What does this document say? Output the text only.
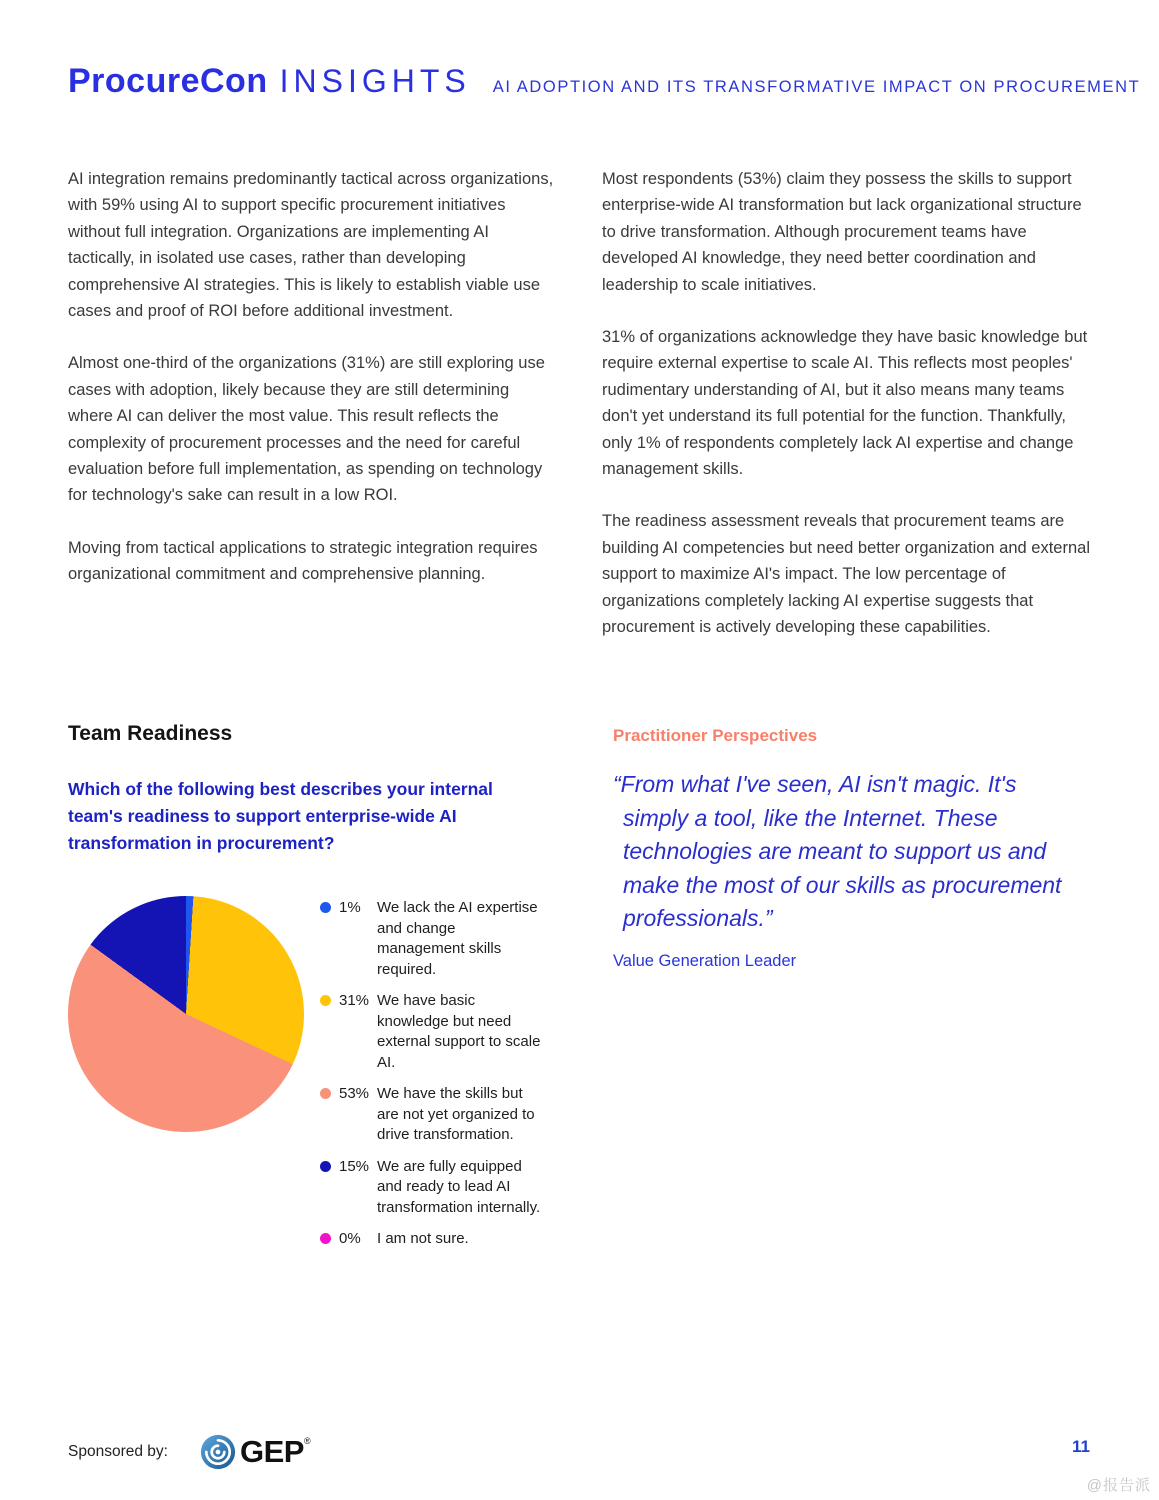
ProcureCon INSIGHTS AI ADOPTION AND ITS TRANSFORMATIVE IMPACT ON PROCUREMENT

AI integration remains predominantly tactical across organizations, with 59% using AI to support specific procurement initiatives without full integration. Organizations are implementing AI tactically, in isolated use cases, rather than developing comprehensive AI strategies. This is likely to establish viable use cases and proof of ROI before additional investment.

Almost one-third of the organizations (31%) are still exploring use cases with adoption, likely because they are still determining where AI can deliver the most value. This result reflects the complexity of procurement processes and the need for careful evaluation before full implementation, as spending on technology for technology's sake can result in a low ROI.

Moving from tactical applications to strategic integration requires organizational commitment and comprehensive planning.

Most respondents (53%) claim they possess the skills to support enterprise-wide AI transformation but lack organizational structure to drive transformation. Although procurement teams have developed AI knowledge, they need better coordination and leadership to scale initiatives.

31% of organizations acknowledge they have basic knowledge but require external expertise to scale AI. This reflects most peoples' rudimentary understanding of AI, but it also means many teams don't yet understand its full potential for the function. Thankfully, only 1% of respondents completely lack AI expertise and change management skills.

The readiness assessment reveals that procurement teams are building AI competencies but need better organization and external support to maximize AI's impact. The low percentage of organizations completely lacking AI expertise suggests that procurement is actively developing these capabilities.

Team Readiness
Which of the following best describes your internal team's readiness to support enterprise-wide AI transformation in procurement?
1%	We lack the AI expertise and change management skills required.
31% We have basic knowledge but need external support to scale AI.
53% We have the skills but are not yet organized to drive transformation.
15% We are fully equipped and ready to lead AI transformation internally.
0%	I am not sure.
Practitioner Perspectives
“From what I've seen, AI isn't magic. It's simply a tool, like the Internet. These technologies are meant to support us and make the most of our skills as procurement professionals.”
Value Generation Leader
Sponsored by: GEP ®	11
@报告派
